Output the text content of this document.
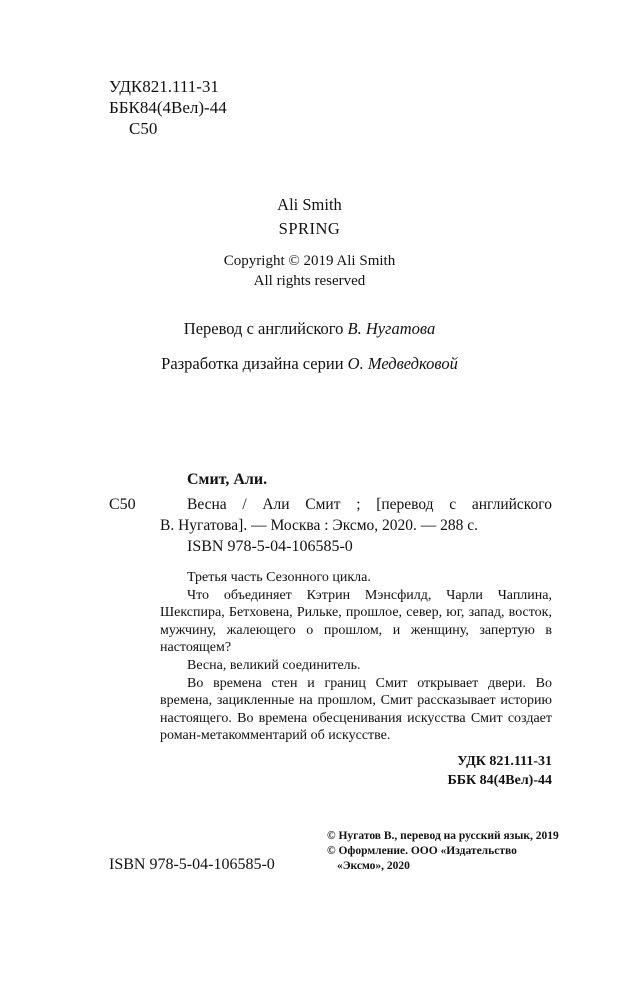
УДК821.111-31
ББК84(4Вел)-44
С50
Ali Smith
SPRING
Copyright © 2019 Ali Smith
All rights reserved
Перевод с английского В. Нугатова
Разработка дизайна серии О. Медведковой
Смит, Али.
С50	Весна / Али Смит ; [перевод с английского
В. Нугатова]. — Москва : Эксмо, 2020. — 288 с.
ISBN 978-5-04-106585-0

Третья часть Сезонного цикла.

Что объединяет Кэтрин Мэнсфилд, Чарли Чаплина, Шекспира, Бетховена, Рильке, прошлое, север, юг, запад, восток, мужчину, жалеющего о прошлом, и женщину, запертую в настоящем?

Весна, великий соединитель.

Во времена стен и границ Смит открывает двери. Во времена, зацикленные на прошлом, Смит рассказывает историю настоящего. Во времена обесценивания искусства Смит создает роман-метакомментарий об искусстве.

УДК 821.111-31
ББК 84(4Вел)-44
© Нугатов В., перевод на русский язык, 2019
© Оформление. ООО «Издательство
«Эксмо», 2020
ISBN 978-5-04-106585-0
